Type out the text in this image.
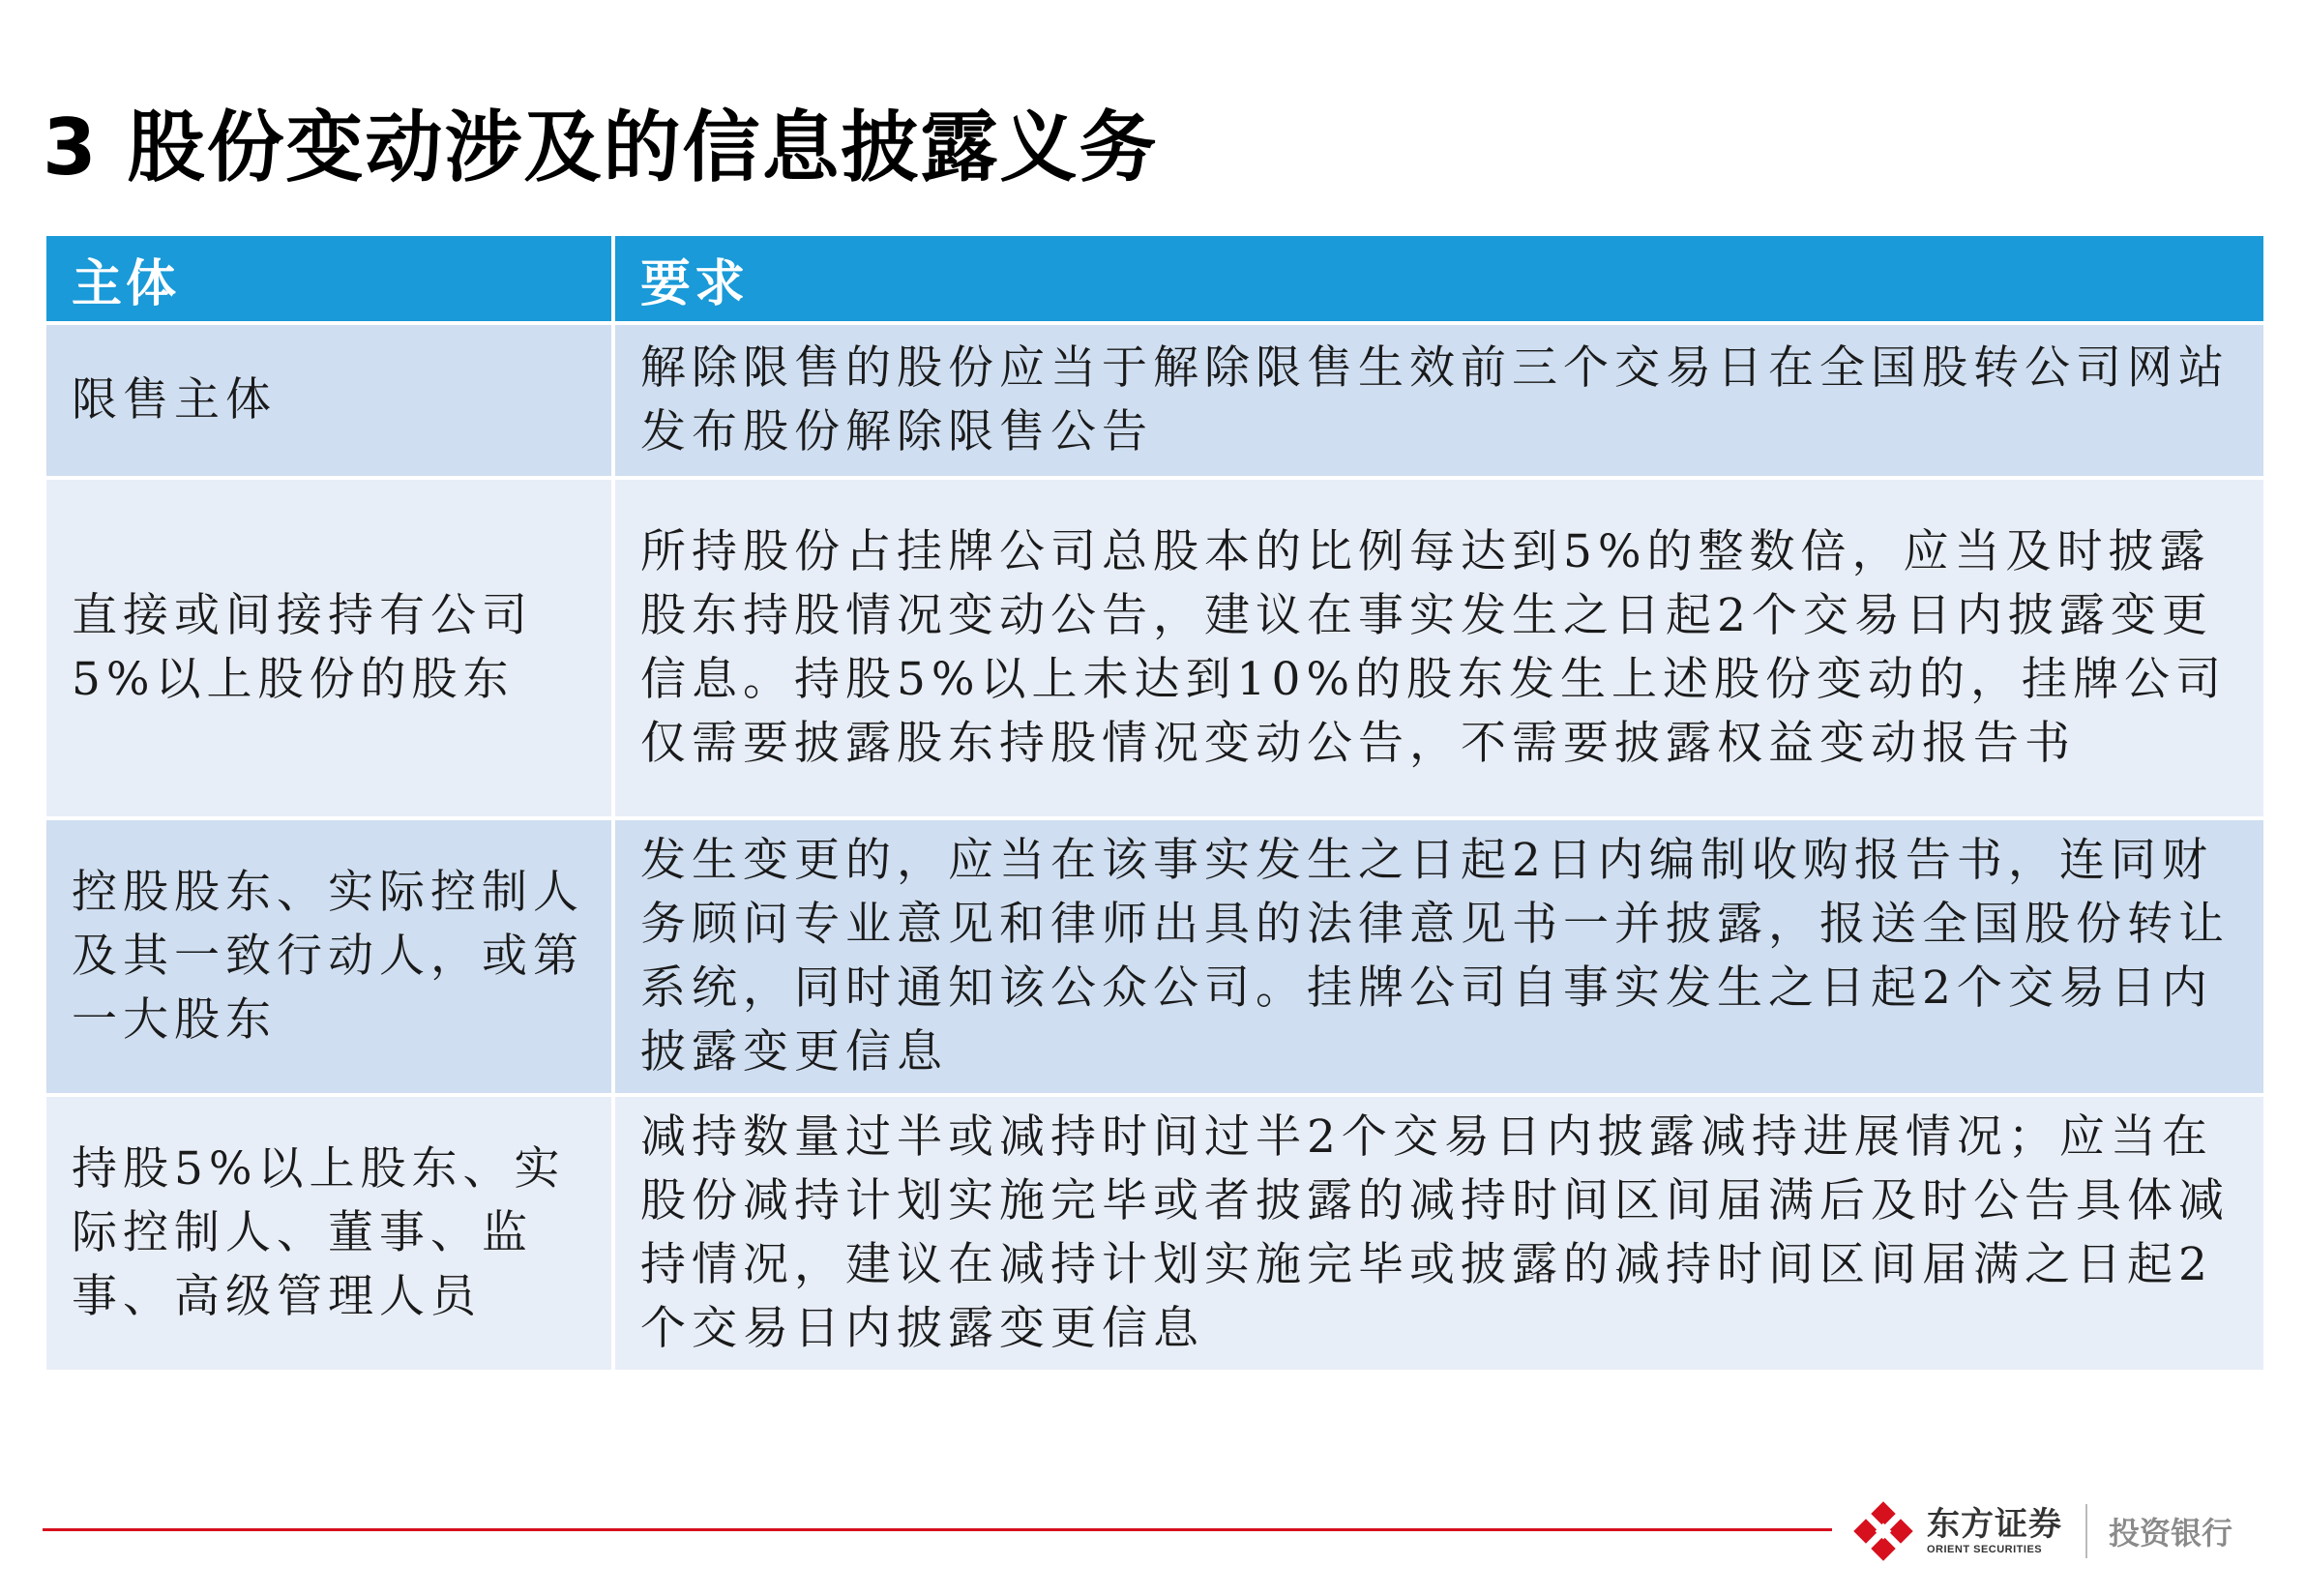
3 股份变动涉及的信息披露义务
主体	要求
限售主体	解除限售的股份应当于解除限售生效前三个交易日在全国股转公司网站发布股份解除限售公告
直接或间接持有公司5%以上股份的股东	所持股份占挂牌公司总股本的比例每达到5%的整数倍，应当及时披露股东持股情况变动公告，建议在事实发生之日起2个交易日内披露变更信息。持股5%以上未达到10%的股东发生上述股份变动的，挂牌公司仅需要披露股东持股情况变动公告，不需要披露权益变动报告书
控股股东、实际控制人及其一致行动人，或第一大股东	发生变更的，应当在该事实发生之日起2日内编制收购报告书，连同财务顾问专业意见和律师出具的法律意见书一并披露，报送全国股份转让系统，同时通知该公众公司。挂牌公司自事实发生之日起2个交易日内披露变更信息
持股5%以上股东、实际控制人、董事、监事、高级管理人员	减持数量过半或减持时间过半2个交易日内披露减持进展情况；应当在股份减持计划实施完毕或者披露的减持时间区间届满后及时公告具体减持情况，建议在减持计划实施完毕或披露的减持时间区间届满之日起2个交易日内披露变更信息
东方证券
ORIENT SECURITIES	投资银行
